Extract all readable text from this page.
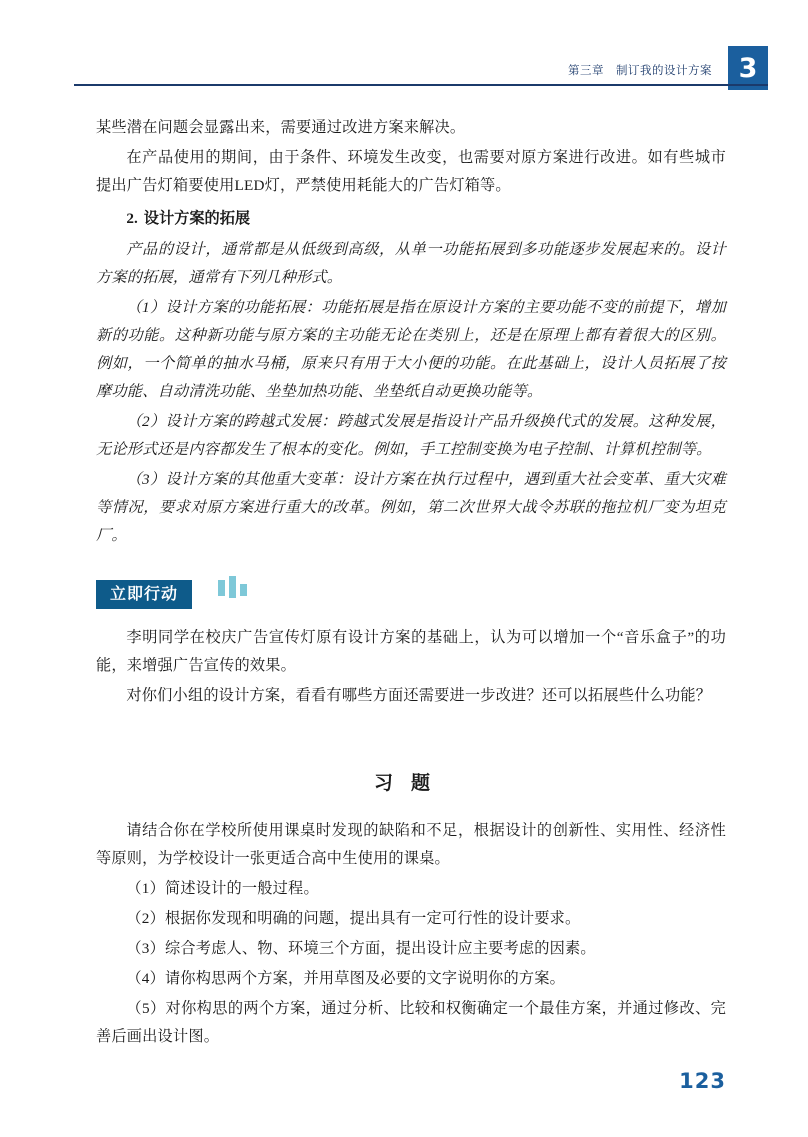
第三章　制订我的设计方案 3

某些潜在问题会显露出来，需要通过改进方案来解决。

在产品使用的期间，由于条件、环境发生改变，也需要对原方案进行改进。如有些城市提出广告灯箱要使用LED灯，严禁使用耗能大的广告灯箱等。

2. 设计方案的拓展

产品的设计，通常都是从低级到高级，从单一功能拓展到多功能逐步发展起来的。设计方案的拓展，通常有下列几种形式。

（1）设计方案的功能拓展：功能拓展是指在原设计方案的主要功能不变的前提下，增加新的功能。这种新功能与原方案的主功能无论在类别上，还是在原理上都有着很大的区别。例如，一个简单的抽水马桶，原来只有用于大小便的功能。在此基础上，设计人员拓展了按摩功能、自动清洗功能、坐垫加热功能、坐垫纸自动更换功能等。

（2）设计方案的跨越式发展：跨越式发展是指设计产品升级换代式的发展。这种发展，无论形式还是内容都发生了根本的变化。例如，手工控制变换为电子控制、计算机控制等。

（3）设计方案的其他重大变革：设计方案在执行过程中，遇到重大社会变革、重大灾难等情况，要求对原方案进行重大的改革。例如，第二次世界大战令苏联的拖拉机厂变为坦克厂。

立即行动

李明同学在校庆广告宣传灯原有设计方案的基础上，认为可以增加一个“音乐盒子”的功能，来增强广告宣传的效果。

对你们小组的设计方案，看看有哪些方面还需要进一步改进？还可以拓展些什么功能？

习题

请结合你在学校所使用课桌时发现的缺陷和不足，根据设计的创新性、实用性、经济性等原则，为学校设计一张更适合高中生使用的课桌。

（1）简述设计的一般过程。

（2）根据你发现和明确的问题，提出具有一定可行性的设计要求。

（3）综合考虑人、物、环境三个方面，提出设计应主要考虑的因素。

（4）请你构思两个方案，并用草图及必要的文字说明你的方案。

（5）对你构思的两个方案，通过分析、比较和权衡确定一个最佳方案，并通过修改、完善后画出设计图。

123
